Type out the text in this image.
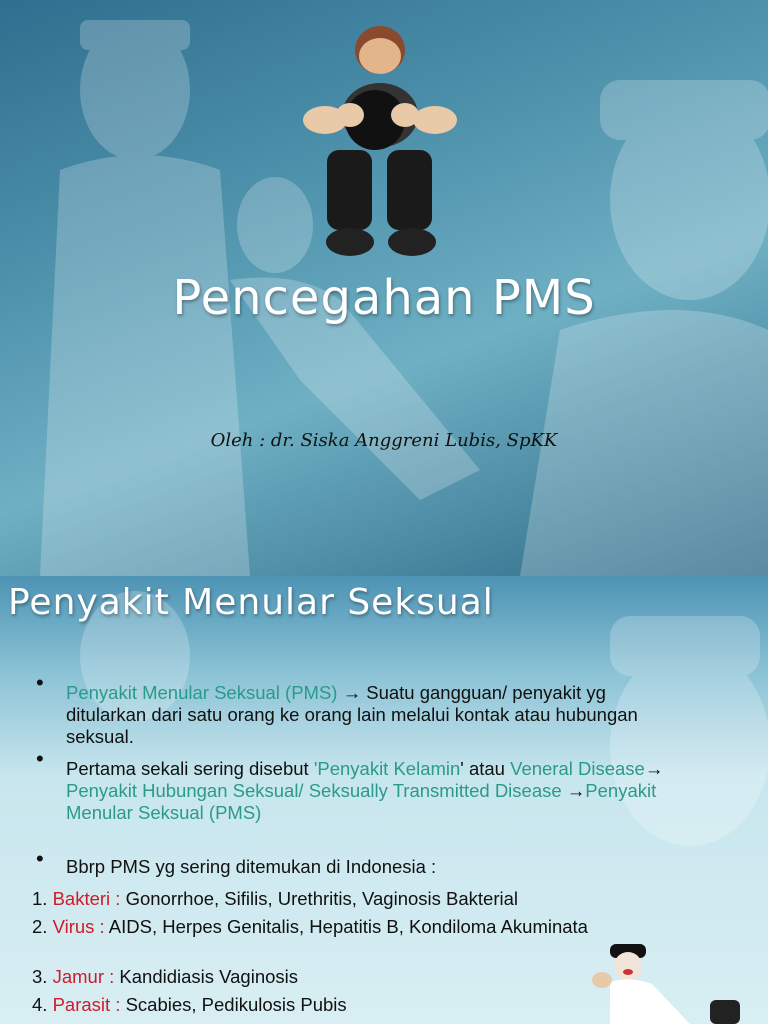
Pencegahan PMS
Oleh : dr. Siska Anggreni Lubis, SpKK
Penyakit Menular Seksual
• Penyakit Menular Seksual (PMS) → Suatu gangguan/ penyakit yg ditularkan dari satu orang ke orang lain melalui kontak atau hubungan seksual.
• Pertama sekali sering disebut 'Penyakit Kelamin' atau Veneral Disease→ Penyakit Hubungan Seksual/ Seksually Transmitted Disease →Penyakit Menular Seksual (PMS)
• Bbrp PMS yg sering ditemukan di Indonesia :
1. Bakteri : Gonorrhoe, Sifilis, Urethritis, Vaginosis Bakterial
2. Virus : AIDS, Herpes Genitalis, Hepatitis B, Kondiloma Akuminata
3. Jamur : Kandidiasis Vaginosis
4. Parasit : Scabies, Pedikulosis Pubis
